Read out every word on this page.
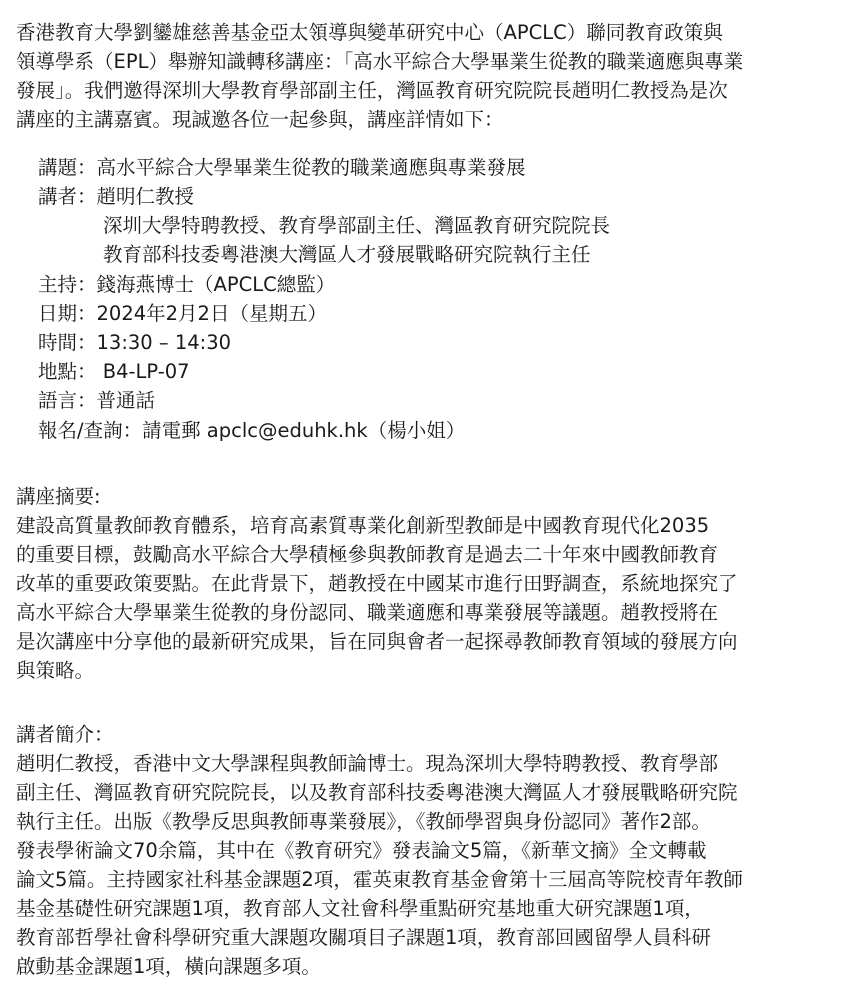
香港教育大學劉鑾雄慈善基金亞太領導與變革研究中心（APCLC）聯同教育政策與
領導學系（EPL）舉辦知識轉移講座：「高水平綜合大學畢業生從教的職業適應與專業
發展」。我們邀得深圳大學教育學部副主任，灣區教育研究院院長趙明仁教授為是次
講座的主講嘉賓。現誠邀各位一起參與，講座詳情如下：
講題：高水平綜合大學畢業生從教的職業適應與專業發展
講者：趙明仁教授
深圳大學特聘教授、教育學部副主任、灣區教育研究院院長
教育部科技委粵港澳大灣區人才發展戰略研究院執行主任
主持：錢海燕博士（APCLC總監）
日期：2024年2月2日（星期五）
時間：13:30 – 14:30
地點： B4-LP-07
語言：普通話
報名/查詢：請電郵 apclc@eduhk.hk（楊小姐）
講座摘要:
建設高質量教師教育體系，培育高素質專業化創新型教師是中國教育現代化2035
的重要目標，鼓勵高水平綜合大學積極參與教師教育是過去二十年來中國教師教育
改革的重要政策要點。在此背景下，趙教授在中國某市進行田野調查，系統地探究了
高水平綜合大學畢業生從教的身份認同、職業適應和專業發展等議題。趙教授將在
是次講座中分享他的最新研究成果，旨在同與會者一起探尋教師教育領域的發展方向
與策略。
講者簡介：
趙明仁教授，香港中文大學課程與教師論博士。現為深圳大學特聘教授、教育學部
副主任、灣區教育研究院院長，以及教育部科技委粵港澳大灣區人才發展戰略研究院
執行主任。出版《教學反思與教師專業發展》，《教師學習與身份認同》著作2部。
發表學術論文70余篇，其中在《教育研究》發表論文5篇，《新華文摘》全文轉載
論文5篇。主持國家社科基金課題2項，霍英東教育基金會第十三屆高等院校青年教師
基金基礎性研究課題1項，教育部人文社會科學重點研究基地重大研究課題1項，
教育部哲學社會科學研究重大課題攻關項目子課題1項，教育部回國留學人員科研
啟動基金課題1項，橫向課題多項。
